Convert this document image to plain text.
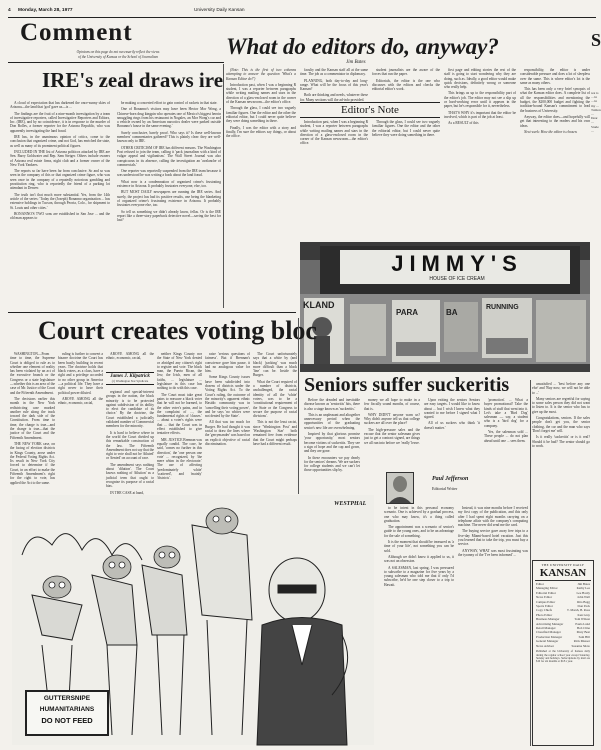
4 Monday, March 28, 1977	University Daily Kansan
Comment
Opinions on this page do not necessarily reflect the views
of the University of Kansas or the School of Journalism	What do editors do, anyway?
Jim Bates
IRE's zeal draws ire

A cloud of expectation that has darkened the once-sunny skies of Arizona—the land that 'god' gave us—is ...

The findings are the fruit of a nine-month investigation by a team of investigative reporters, called Investigative Reporters and Editors, Inc. (IRE), and by no coincidence, it is in response to the murder of Don Bolles, a former reporter for the Arizona Republic, who was apparently investigating the land fraud.

IRE has, in the unanimous opinion of critics, come to the conclusion that organized crime, and not God, has enriched the state, as well as many of its prominent political figures.

INCLUDED IN THE list of Arizona politicos attacked by IRE are Sen. Barry Goldwater and Rep. Sam Steiger. Others include owners of Arizona real estate firms, night club and a former owner of the New York Yankees.

The reports so far have been far from conclusive. So and so was seen in the company of this or that organized crime figure, who was seen once in the company of a reputedly notorious gambling and prostitution ring, who is reportedly the friend of a parking lot attendant in Denver.

The truth isn't that much more substantial. Yes, from the 14th article of the series: 'Today the (Joseph) Bonanno organization ... has extensive holdings in Tucson, through Peoria, Colo., for shipment to St. Louis and other cities.'

BONANNO'S TWO sons are established in San Jose ... and the old man appears to

be making a concerted effort to gain control of rackets in that state.

One of Bonanno's visitors may have been Hector Mor Wong, a Chinese-born drug kingpin who operates one of Mexico's biggest heroin smuggling rings from his restaurant in Nogales, an Mor Wong's car and a vehicle owned by an American narcotics dealer were parked outside Bonanno's house in the same evening.'

Surely conclusive, barely proof. Who says it? Is these well-known members' commentaries gathered? This is plainly clear: they are well-known only to IRE.

OTHER CRITICISM OF IRE has different reasons. The Washington Post refused to join the team, calling it 'pack journalism with a kind of vulgar appeal and vigilantism.' The Wall Street Journal was also conspicuous in its absence, calling the investigation an 'avalanche of commercials.'

One reporter was reportedly suspended from the IRE team because it was understood he was writing a book about the land fraud.

What now is a condemnation of organized crime's frustrating existence in Arizona. It probably frustrates everyone, else, too.

BUT MOST DAILY newspapers are running the IRE series. And surely, the project has had its positive results, one being the blanketing of organized crime's frustrating existence in Arizona. It probably frustrates everyone else, too.

So tell us something we didn't already know, fellas. Or is the IRE report like a three-story paperback detective novel—saving the best for last?

(Note: This is the first of two columns attempting to answer the question 'What's a Kansan Editor do?')

Introduction past, when I was a beginning R student, I was a reporter between paragraphs while writing mailing names and stars in the direction of a glass-enclosed room in the corner of the Kansan newsroom—the editor's office.

Through the glass, I could see two vaguely familiar figures. One the editor and the other the editorial editor, but I could never quite believe they were doing something in there.

Finally, I was the editor with a story and finally, I'm sure the editors say things, or about the office.

faculty and the Kansan staff all at the same time. The job as a commentator in diplomacy.

PLANNING, both day-to-day and long-range. What will be the focus of this year's Kansan?

Both are thinking and needs, whatever these for. Many sections will the ad-info provided.

student journalists are the aware of the forces that run the paper.

Editorials, the editor is the one who discusses with the editors and checks the editorial editor's work.

Editor's Note

first page and editing stories the rest of the staff is going to start wondering why they are doing, such as. Ideally, a good editor would make quick decisions, definitely wrong or someone who really help.

This brings us up to the responsibility part of the editor's job. The editor may not see a slip up or hard-working error until it appears in the paper, but he's responsible for it, nevertheless.

THAT'S WHY it's important that the editor be involved, which is part of the job at least.

As a RESULT of this

responsibility, the editor is under considerable pressure and does a lot of sleepless over the same. This is where editor's lot is the same as many others.

This has been only a very brief synopsis of what the Kansan editor does. A complete list of all the responsibilities and mentioning the budget, the $200,000 budget and fighting the tradition-bound Kansan's commitment to lead the business of University.

Anyway, the editor does—and hopefully will get that interesting to the readers and his own ideas.

Next week: How the editor is chosen.

Introduction past, when I was a beginning R student, I was a reporter between paragraphs while writing mailing names and stars in the direction of a glass-enclosed room in the corner of the Kansan newsroom—the editor's office.

Through the glass, I could see two vaguely familiar figures. One the editor and the other the editorial editor, but I could never quite believe they were doing something in there.

JIMMY'S
HOUSE OF ICE CREAM
KLAND
PARA	BA
RUNNING
Court creates voting bloc

WASHINGTON—From time to time, the Supreme Court is obliged to rule as to whether one element of reality has been violated by an act of the executive branch or the Congress or a state legislature—whether this is an area of the case of Mr. Justice of the Court and the Fifteenth Amendment.

The decisions earlier this month in the New York redistricting case marked another rule along the track toward the dark side of the Constitution. From time to time, the charge is true—and the charge is true—that the justice of the Court and the Fifteenth Amendment.

THE NEW YORK case, on the facing of election districts in Kings County, arose under the Federal Voting Rights Act. Its result in New York City forced to determine if the Court, in an effort to make the Fifteenth Amendment's right for the right to vote, has applied the Act to the same.

ruling is further to convert a bizarre doctrine the Court has been busily building in recent years. The doctrine holds that black voters, as a class, have a right and a privilege accorded to no other group in America—a political life. They have a right never to have their political power diluted.

ABOVE AMONG all the ethnic, economic, racial,

James J. Kilpatrick
(c) Washington Star Syndicate

ABOVE AMONG all the ethnic, economic, racial,

regional and special-interest groups in the nation, the black minority is to be protected against subdivision of its ability to elect the candidate of its choice.' By the doctrine, the Court established a judicially validated number of Commercial members for the minority.

It is hard to believe where in the world the Court divided up this remarkable construction of the law. The Fifteenth Amendment does not say that the right to vote shall not be 'diluted' or 'denied' on account of race.

The amendment says nothing about 'dilution'. The Court knows nothing of 'dilution' as a judicial term that ought to recognize its purpose of a racial bias.

IN THE CASE at hand,

neither Kings County nor the State of New York denied or abridged any citizen's right to register and vote. The black man, the Puerto Rican, the Jew, the Irish, men of all faiths, ... legislature ... legislature in this case has nothing to do with this case.

The Court must take great pains to reassure a black voter that he will not be harmed, to the other voter's pains, and in the complaint of ..., the fundamental rights of 'classes.' ... about a voter's rights were that ... that the Court was in effect established to give tentative effects.

MR. JUSTICE Brennan was equally candid. The case, he said, 'comes no further in this direction', the 'one person one vote' ... recognized, by 'the mere whim in the electorate.' The use of affecting 'predominately white' 'scattered', and 'mainly' 'districts'.

raise 'serious questions of fairness'. But if Brennan's conscience gave him pause, it had no analogous value for him.

Some Kings County issues have been subdivided into dozens of districts under the Voting Rights Act. To the Court's ruling, the outcome of the minority's apparent ethnic Hasidic community was in 'cancelling their voting power', and he says 'no whites were not denied by the State'.

All that was too much for Burger. He had thought it was racial to draw the lines where the 'gerrymander' was based on an explicit objective of racial discrimination.

The Court unfortunately says that a white by (and black) 'packing' was much more difficult than a black 'line' can be. Inside the Burger.

What the Court required of a number of districts, unchallenged, the racial identity of all the 'white' voters, was to be a 'constitutional requirement of the State or the Congress to secure the purpose of racial divisions'.

This is not the least racist, since 'Washington Post' and 'Washington Star' both remained free from evidence that the Court might perhaps have had a different result.

GUTTERSNIPE
HUMANITARIANS
DO NOT FEED
WESTPHAL
Seniors suffer suckeritis

Before the dreaded and inevitable disease known as 'senioritis' hits, there is also a stage known as 'suckeritis.'

This is an unpleasant and altogether unnecessary period when the opportunities of the graduating senior's new life are overwhelming.

Inspired by that glorious promise 'your opportunity,' most seniors become victims of suckeritis. They see a sign of hope and the cap and gown, and they are gone.

In these encounters we pay dearly for the seniors' dreams. We are suckers for college students and we can't let those opportunities slip by.

money we all hope to make in a few fiscally sound months, of course, that is.

WHY DIDN'T anyone warn us? Why didn't anyone tell us that college suckers are all over the place?

The high-pressure sales and the excuse that the senior salesman gives just to get a contract signed, are things we all run into before we 'really' leave.

Upon exiting the seniors Seniors are easy targets. I would like to know about ... but I wish I knew what they wanted to me before I signed what I signed.

All of us suckers who think 'it doesn't matter.'

unsatisfied ... 'best before any one else' and 'Buy now, we will not be able to ...'

Many seniors are regretful for saying to some sales person they did not want to listen to. It is the senior who has to give up the most.

Congratulations, seniors. If the sales people don't get you, the senior clothing, the car and the man who says 'Don't forget me' will.

Is it really 'suckeritis' or is it real? Should it be bad? The senior should go to work.

Paul Jefferson
Editorial Writer

to be intent in this personal economy scenario. One is achieved by a gradual process, one who may know, it's a thing called graduation.

The appointment was a scenario of senior's guide to the young ones, and to be an advantage for the sale of something.

It is the moment that should be treasured as 'a time of your life', not something you can be sold.

Although we didn't know it applied to us, it was not an obsession.

A SALESMAN, last spring, I was pressured to subscribe to a magazine for five years by a young salesman who told me that if only I'd subscribe, he'd be one step closer to a trip to Hawaii.

Instead, it was nine months before I received my first copy of the publication, and this only after I had spent eight months carrying on a telephone affair with the company's computing machine. The never did send me the card.

The buying service gave away free trips to a five-day Miami-based hotel vacation. Just this you learned that to take the trip, you must buy a service.

ANYWAY, WHAT was most frustrating was the tyranny of the 'I've been informed' ...

'promotion'. ... What a buyer promotional! Take the kinds of stuff that went into it. Let's take a 'Bird Dog' salesman — say, a student who is a 'bird dog' for a company.

Yes, the salesman sold ... These people ... do not plan ahead until one ... sees them.

THE UNIVERSITY DAILY
KANSAN
Editor	Jim Bates
Managing Editor	Kathy Lee
Editorial Editor	Lee Hardy
News Editor	John Wall
Campus Editor	Rita Bagg
Sports Editor	Don Peck
Copy Chiefs	T. Marsh, B. Ross
Photo Editor	Ken Gray
Business Manager	Tom Wilson
Advertising Manager	Paula Lund
Retail Manager	Bob Cline
Classified Manager	Mary Best
Production Manager	Sam Hill
General Manager	Rick Musser
News Adviser	Susanne Shaw
Published at the University of Kansas daily during the regular school year except Saturday, Sunday and holidays. Subscriptions by mail are $10 for six months or $18 a year.
S
not is ... in ... in my ... Tuition ... Dear ... Stude ...
